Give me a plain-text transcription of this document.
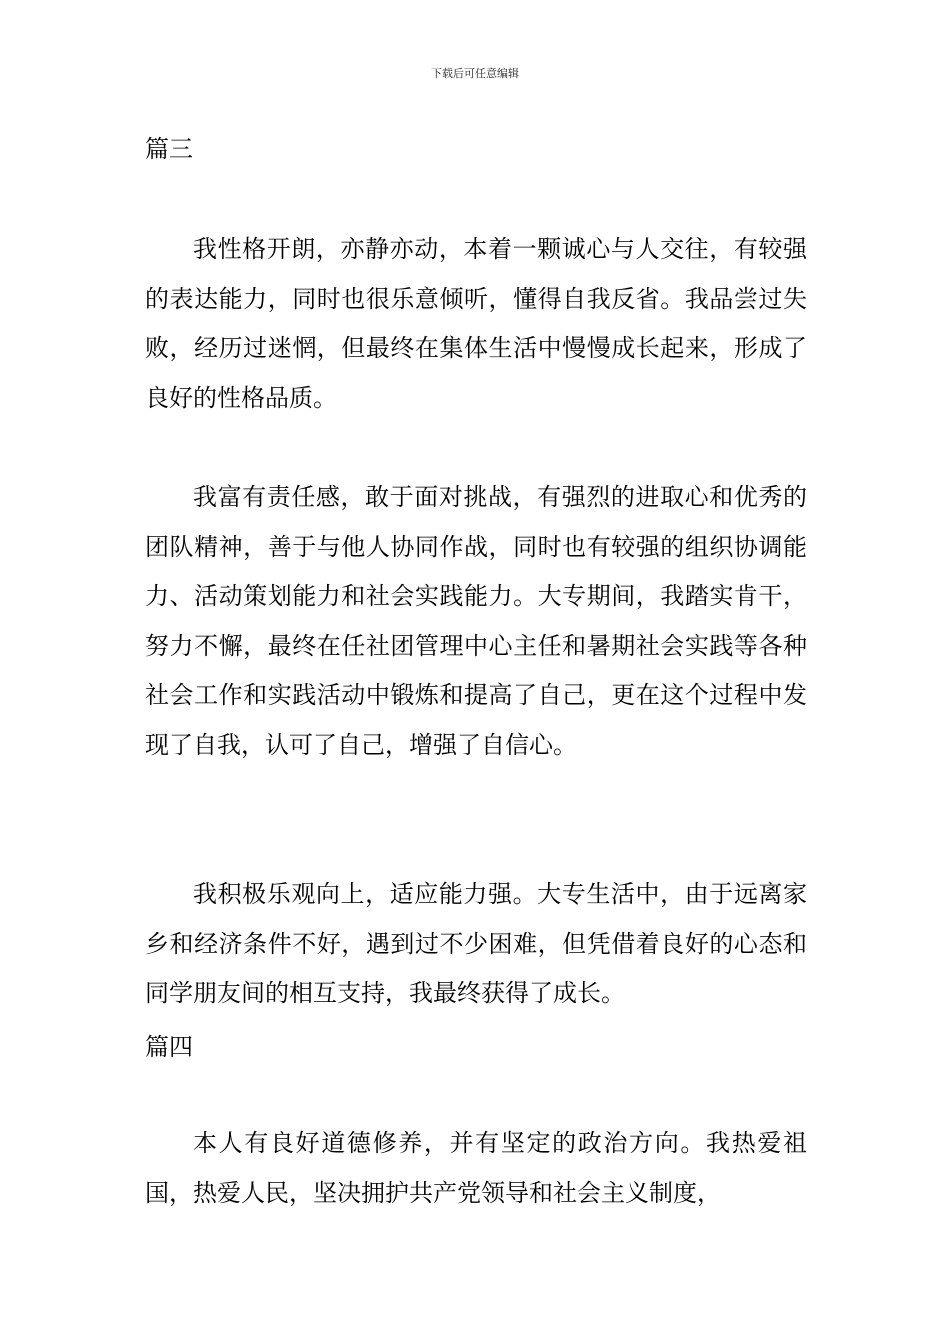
下载后可任意编辑
篇三

我性格开朗，亦静亦动，本着一颗诚心与人交往，有较强的表达能力，同时也很乐意倾听，懂得自我反省。我品尝过失败，经历过迷惘，但最终在集体生活中慢慢成长起来，形成了良好的性格品质。

我富有责任感，敢于面对挑战，有强烈的进取心和优秀的团队精神，善于与他人协同作战，同时也有较强的组织协调能力、活动策划能力和社会实践能力。大专期间，我踏实肯干，努力不懈，最终在任社团管理中心主任和暑期社会实践等各种社会工作和实践活动中锻炼和提高了自己，更在这个过程中发现了自我，认可了自己，增强了自信心。

我积极乐观向上，适应能力强。大专生活中，由于远离家乡和经济条件不好，遇到过不少困难，但凭借着良好的心态和同学朋友间的相互支持，我最终获得了成长。

篇四

本人有良好道德修养，并有坚定的政治方向。我热爱祖国，热爱人民，坚决拥护共产党领导和社会主义制度，
